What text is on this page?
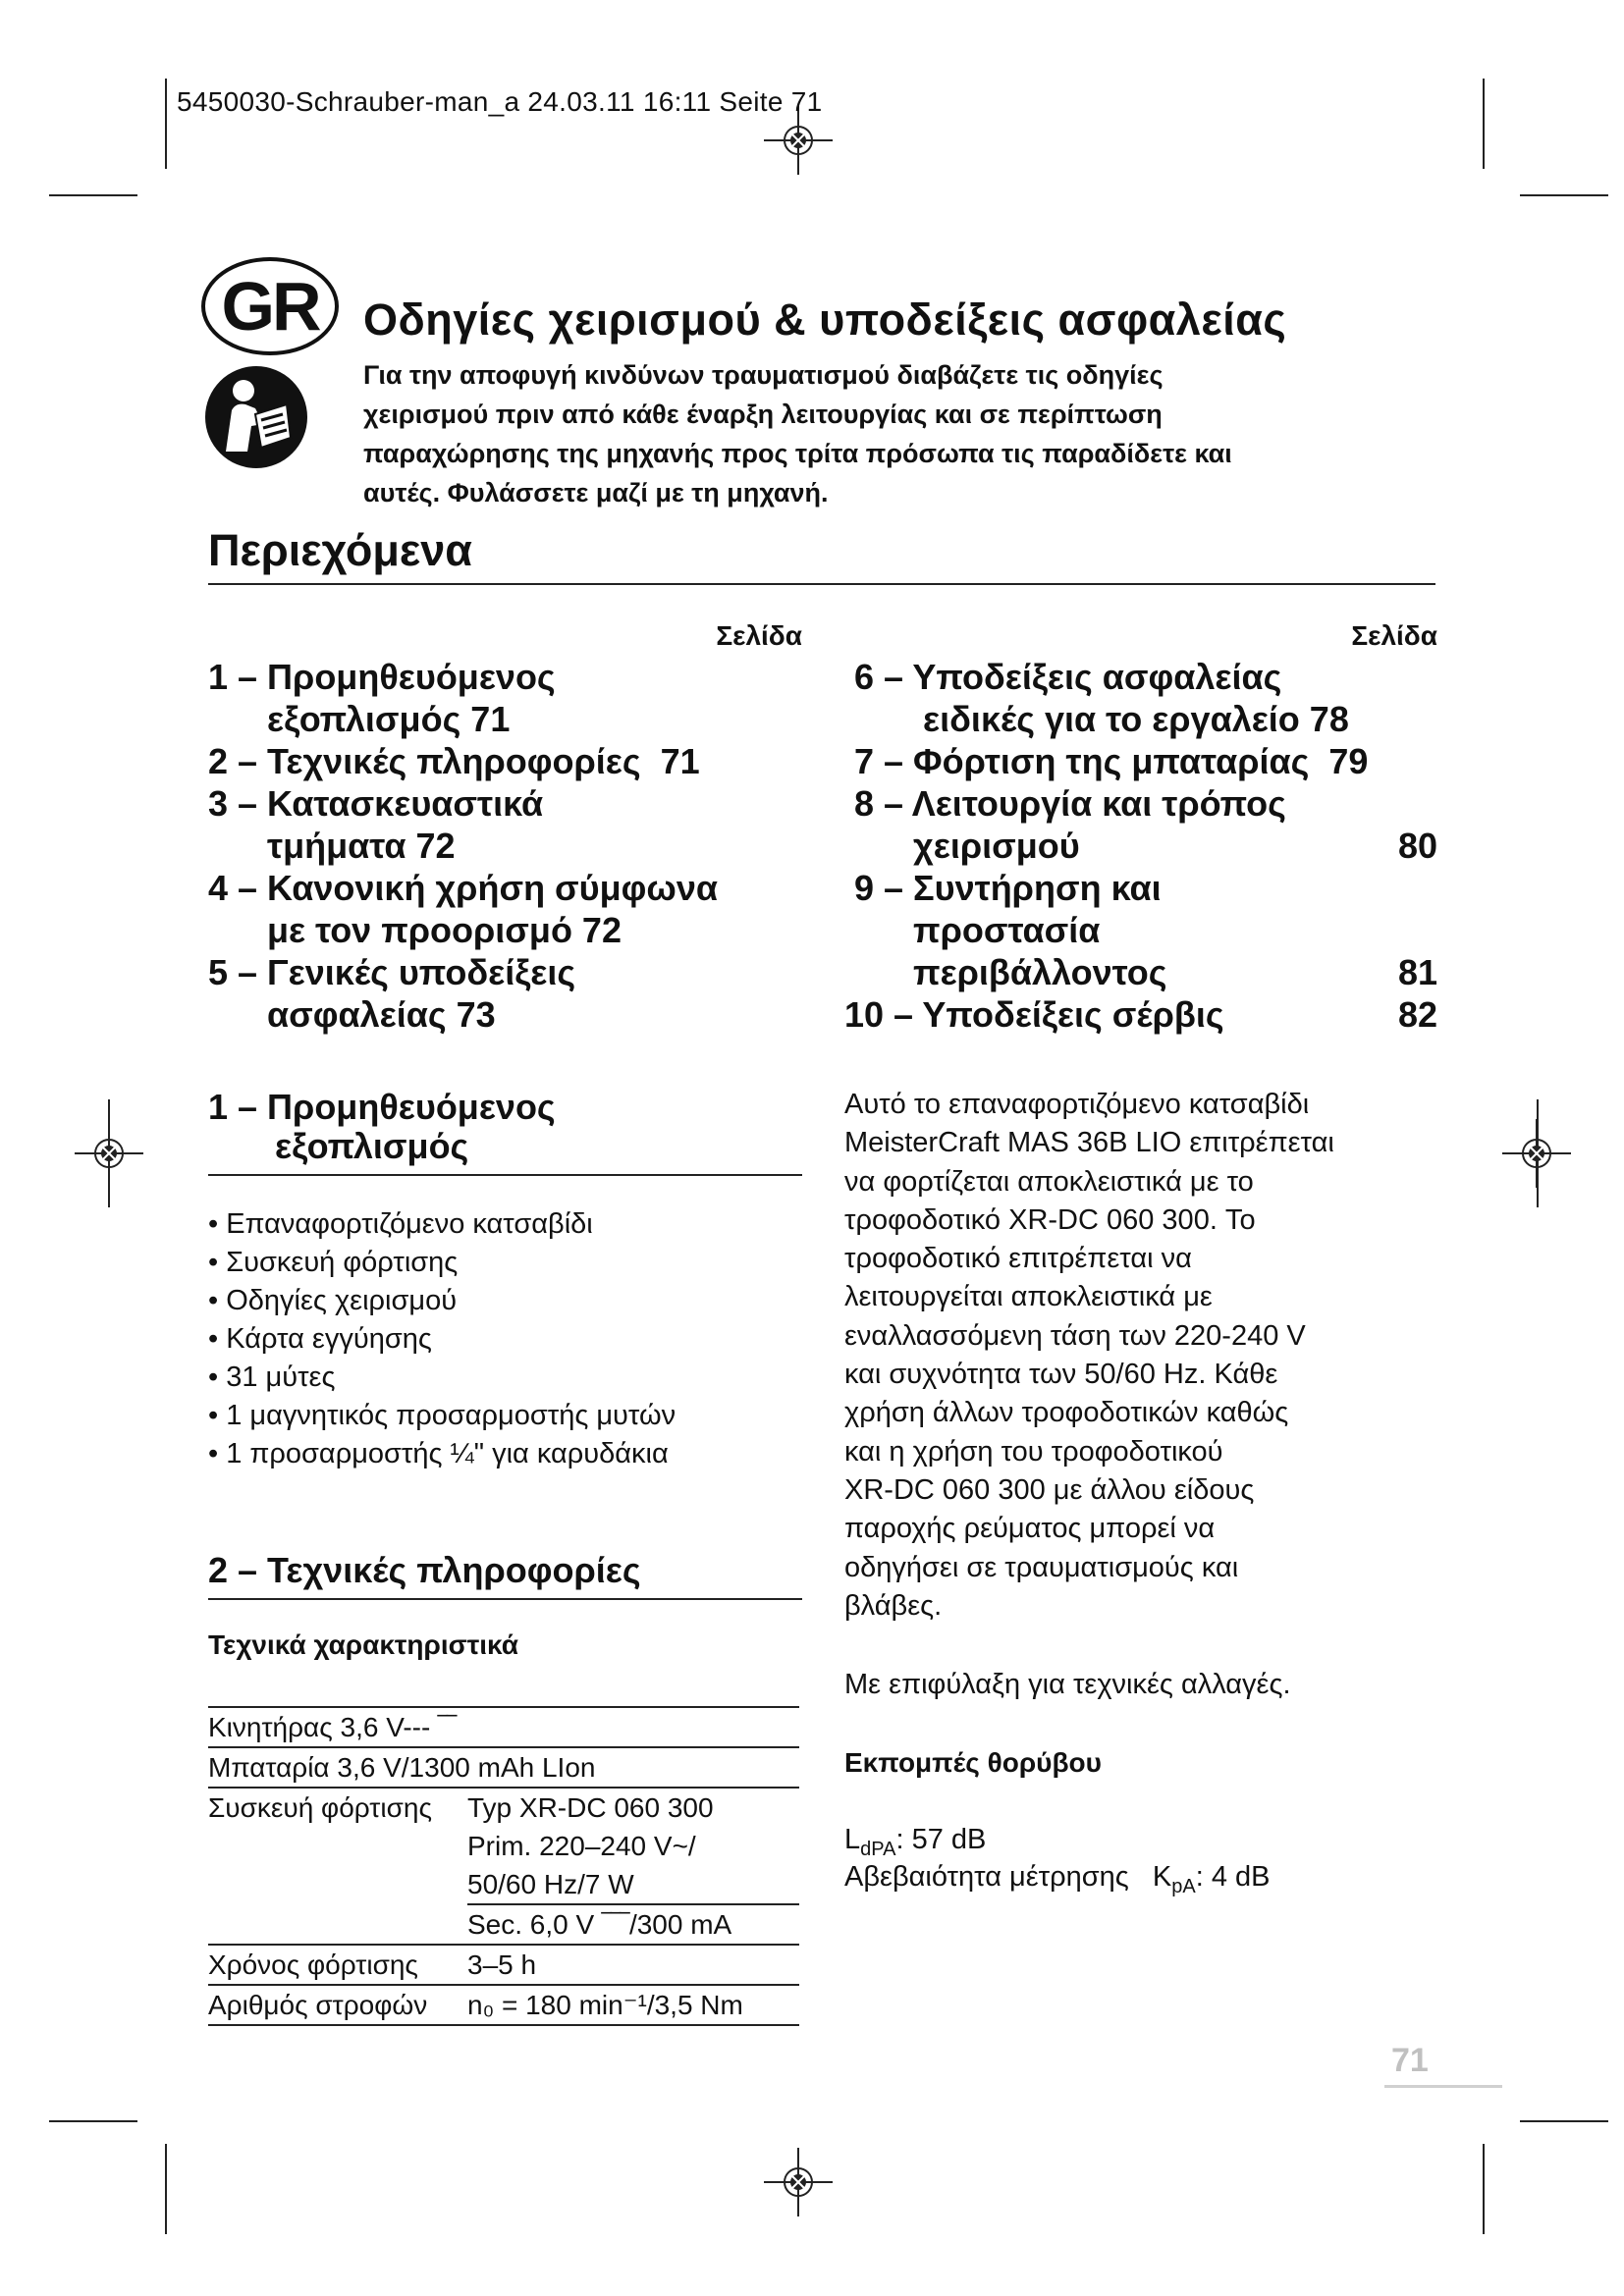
5450030-Schrauber-man_a 24.03.11 16:11 Seite 71
GR	Οδηγίες χειρισμού & υποδείξεις ασφαλείας
Για την αποφυγή κινδύνων τραυματισμού διαβάζετε τις οδηγίες
χειρισμού πριν από κάθε έναρξη λειτουργίας και σε περίπτωση
παραχώρησης της μηχανής προς τρίτα πρόσωπα τις παραδίδετε και
αυτές. Φυλάσσετε μαζί με τη μηχανή.
Περιεχόμενα
Σελίδα
1 – Προμηθευόμενος
εξοπλισμός 71
2 – Τεχνικές πληροφορίες  71
3 – Κατασκευαστικά
τμήματα 72
4 – Κανονική χρήση σύμφωνα
με τον προορισμό 72
5 – Γενικές υποδείξεις
ασφαλείας 73
Σελίδα
6 – Υποδείξεις ασφαλείας
ειδικές για το εργαλείο 78
7 – Φόρτιση της μπαταρίας  79
8 – Λειτουργία και τρόπος
χειρισμού	80
9 – Συντήρηση και
προστασία
περιβάλλοντος	81
10 – Υποδείξεις σέρβις	82
1 – Προμηθευόμενος
εξοπλισμός
• Επαναφορτιζόμενο κατσαβίδι
• Συσκευή φόρτισης
• Οδηγίες χειρισμού
• Κάρτα εγγύησης
• 31 μύτες
• 1 μαγνητικός προσαρμοστής μυτών
• 1 προσαρμοστής ¼" για καρυδάκια
2 – Τεχνικές πληροφορίες
Τεχνικά χαρακτηριστικά
Κινητήρας 3,6 V--- ‾‾	
Μπαταρία 3,6 V/1300 mAh LIon	
Συσκευή φόρτισης	Typ XR-DC 060 300
	Prim. 220–240 V~/
	50/60 Hz/7 W
	Sec. 6,0 V ‾‾‾/300 mA
Χρόνος φόρτισης	3–5 h
Αριθμός στροφών	n₀ = 180 min⁻¹/3,5 Nm
Αυτό το επαναφορτιζόμενο κατσαβίδι
MeisterCraft MAS 36B LIO επιτρέπεται
να φορτίζεται αποκλειστικά με το
τροφοδοτικό XR-DC 060 300. Το
τροφοδοτικό επιτρέπεται να
λειτουργείται αποκλειστικά με
εναλλασσόμενη τάση των 220-240 V
και συχνότητα των 50/60 Hz. Κάθε
χρήση άλλων τροφοδοτικών καθώς
και η χρήση του τροφοδοτικού
XR-DC 060 300 με άλλου είδους
παροχής ρεύματος μπορεί να
οδηγήσει σε τραυματισμούς και
βλάβες.
Με επιφύλαξη για τεχνικές αλλαγές.
Εκπομπές θορύβου
$L_{dPA}$: 57 dB
Αβεβαιότητα μέτρησης $K_{pA}$: 4 dB
71
